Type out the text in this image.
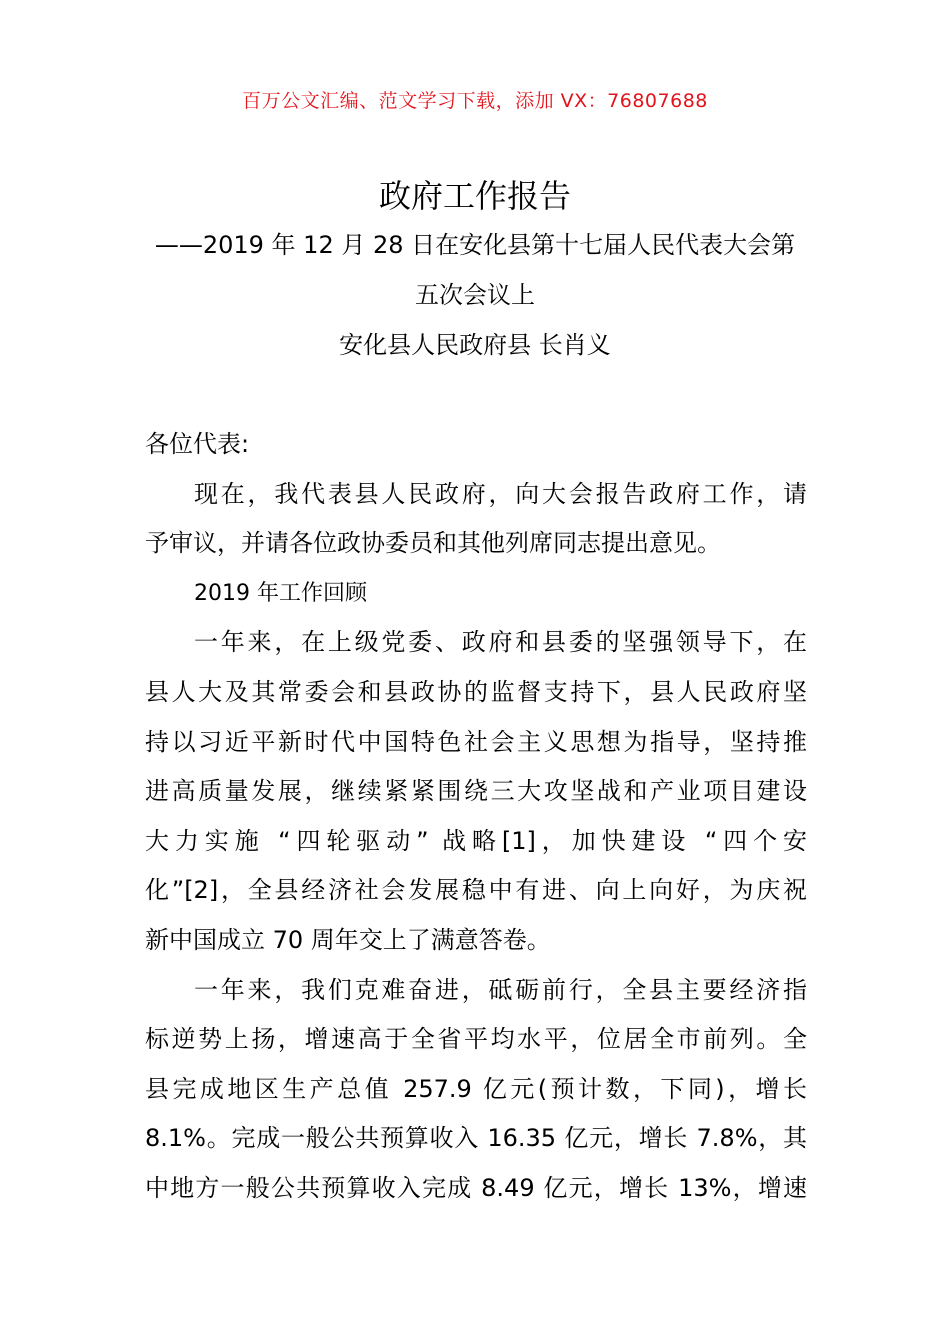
百万公文汇编、范文学习下载，添加 VX：76807688
政府工作报告
——2019 年 12 月 28 日在安化县第十七届人民代表大会第
五次会议上
安化县人民政府县 长肖义
各位代表:
现在，我代表县人民政府，向大会报告政府工作，请
予审议，并请各位政协委员和其他列席同志提出意见。
2019 年工作回顾
一年来，在上级党委、政府和县委的坚强领导下，在
县人大及其常委会和县政协的监督支持下，县人民政府坚
持以习近平新时代中国特色社会主义思想为指导，坚持推
进高质量发展，继续紧紧围绕三大攻坚战和产业项目建设
大力实施 “四轮驱动” 战略[1]，加快建设 “四个安
化”[2]，全县经济社会发展稳中有进、向上向好，为庆祝
新中国成立 70 周年交上了满意答卷。
一年来，我们克难奋进，砥砺前行，全县主要经济指
标逆势上扬，增速高于全省平均水平，位居全市前列。全
县完成地区生产总值 257.9 亿元(预计数，下同)，增长
8.1%。完成一般公共预算收入 16.35 亿元，增长 7.8%，其
中地方一般公共预算收入完成 8.49 亿元，增长 13%，增速
